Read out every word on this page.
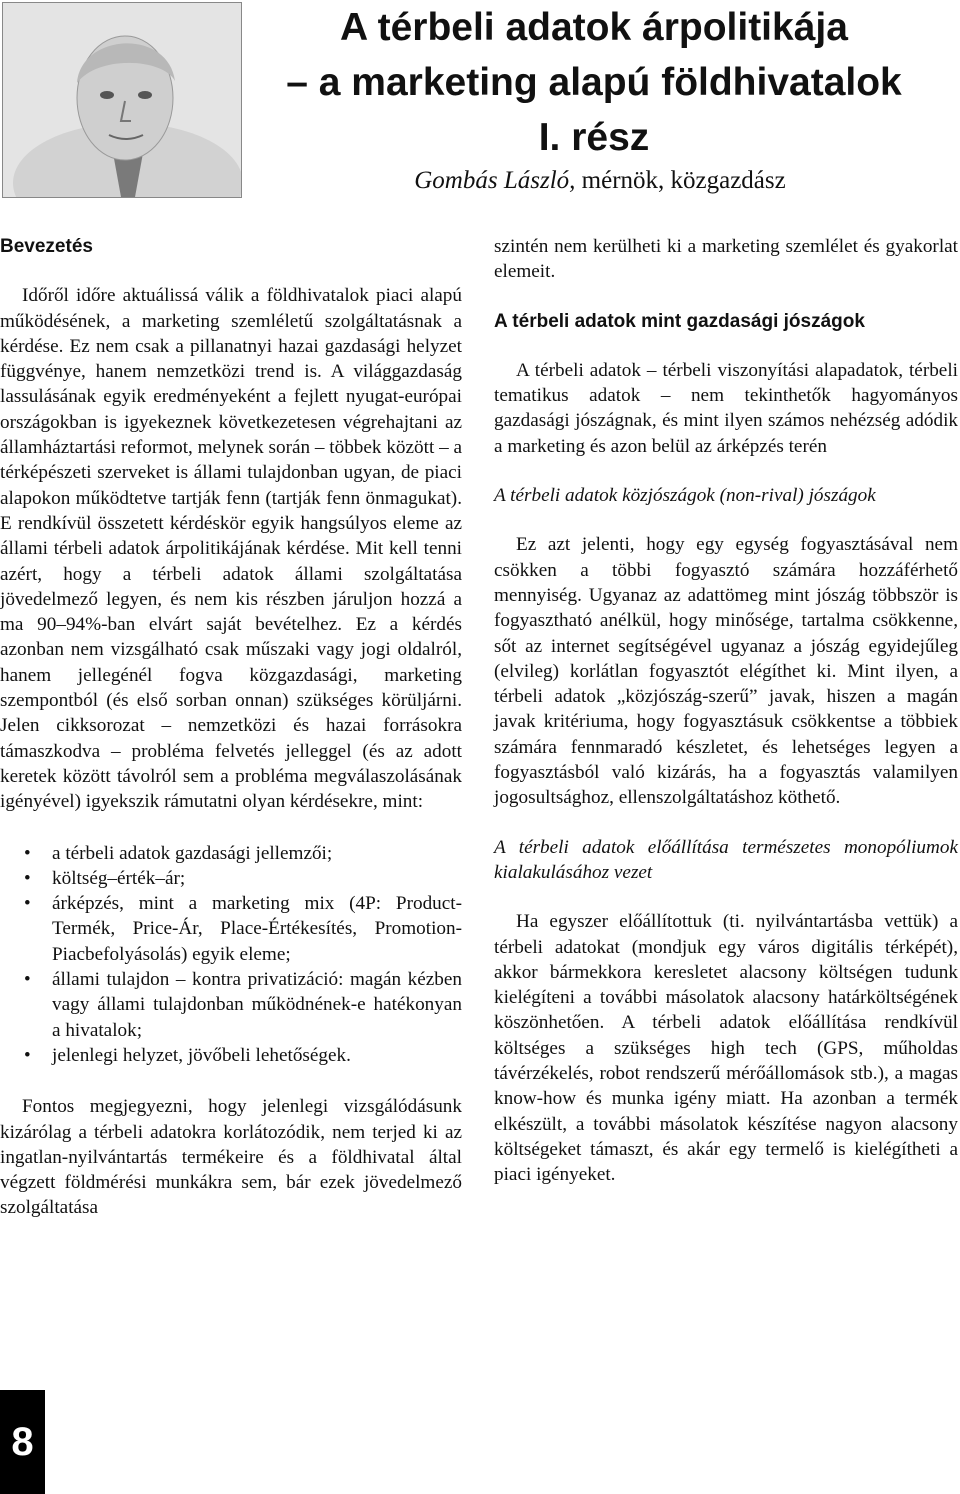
A térbeli adatok árpolitikája
– a marketing alapú földhivatalok
I. rész
Gombás László, mérnök, közgazdász

Bevezetés

Időről időre aktuálissá válik a földhivatalok piaci alapú működésének, a marketing szemléletű szolgáltatásnak a kérdése. Ez nem csak a pillanatnyi hazai gazdasági helyzet függvénye, hanem nemzetközi trend is. A világgazdaság lassulásának egyik eredményeként a fejlett nyugat-európai országokban is igyekeznek következetesen végrehajtani az államháztartási reformot, melynek során – többek között – a térképészeti szerveket is állami tulajdonban ugyan, de piaci alapokon működtetve tartják fenn (tartják fenn önmagukat). E rendkívül összetett kérdéskör egyik hangsúlyos eleme az állami térbeli adatok árpolitikájának kérdése. Mit kell tenni azért, hogy a térbeli adatok állami szolgáltatása jövedelmező legyen, és nem kis részben járuljon hozzá a ma 90–94%-ban elvárt saját bevételhez. Ez a kérdés azonban nem vizsgálható csak műszaki vagy jogi oldalról, hanem jellegénél fogva közgazdasági, marketing szempontból (és első sorban onnan) szükséges körüljárni. Jelen cikksorozat – nemzetközi és hazai forrásokra támaszkodva – probléma felvetés jelleggel (és az adott keretek között távolról sem a probléma megválaszolásának igényével) igyekszik rámutatni olyan kérdésekre, mint:

• a térbeli adatok gazdasági jellemzői;
• költség–érték–ár;
• árképzés, mint a marketing mix (4P: Product-Termék, Price-Ár, Place-Értékesítés, Promotion-Piacbefolyásolás) egyik eleme;
• állami tulajdon – kontra privatizáció: magán kézben vagy állami tulajdonban működnének-e hatékonyan a hivatalok;
• jelenlegi helyzet, jövőbeli lehetőségek.

Fontos megjegyezni, hogy jelenlegi vizsgálódásunk kizárólag a térbeli adatokra korlátozódik, nem terjed ki az ingatlan-nyilvántartás termékeire és a földhivatal által végzett földmérési munkákra sem, bár ezek jövedelmező szolgáltatása

szintén nem kerülheti ki a marketing szemlélet és gyakorlat elemeit.

A térbeli adatok mint gazdasági jószágok

A térbeli adatok – térbeli viszonyítási alapadatok, térbeli tematikus adatok – nem tekinthetők hagyományos gazdasági jószágnak, és mint ilyen számos nehézség adódik a marketing és azon belül az árképzés terén

A térbeli adatok közjószágok (non-rival) jószágok

Ez azt jelenti, hogy egy egység fogyasztásával nem csökken a többi fogyasztó számára hozzáférhető mennyiség. Ugyanaz az adattömeg mint jószág többször is fogyasztható anélkül, hogy minősége, tartalma csökkenne, sőt az internet segítségével ugyanaz a jószág egyidejűleg (elvileg) korlátlan fogyasztót elégíthet ki. Mint ilyen, a térbeli adatok „közjószág-szerű” javak, hiszen a magán javak kritériuma, hogy fogyasztásuk csökkentse a többiek számára fennmaradó készletet, és lehetséges legyen a fogyasztásból való kizárás, ha a fogyasztás valamilyen jogosultsághoz, ellenszolgáltatáshoz köthető.

A térbeli adatok előállítása természetes monopóliumok kialakulásához vezet

Ha egyszer előállítottuk (ti. nyilvántartásba vettük) a térbeli adatokat (mondjuk egy város digitális térképét), akkor bármekkora keresletet alacsony költségen tudunk kielégíteni a további másolatok alacsony határköltségének köszönhetően. A térbeli adatok előállítása rendkívül költséges a szükséges high tech (GPS, műholdas távérzékelés, robot rendszerű mérőállomások stb.), a magas know-how és munka igény miatt. Ha azonban a termék elkészült, a további másolatok készítése nagyon alacsony költségeket támaszt, és akár egy termelő is kielégítheti a piaci igényeket.

8
